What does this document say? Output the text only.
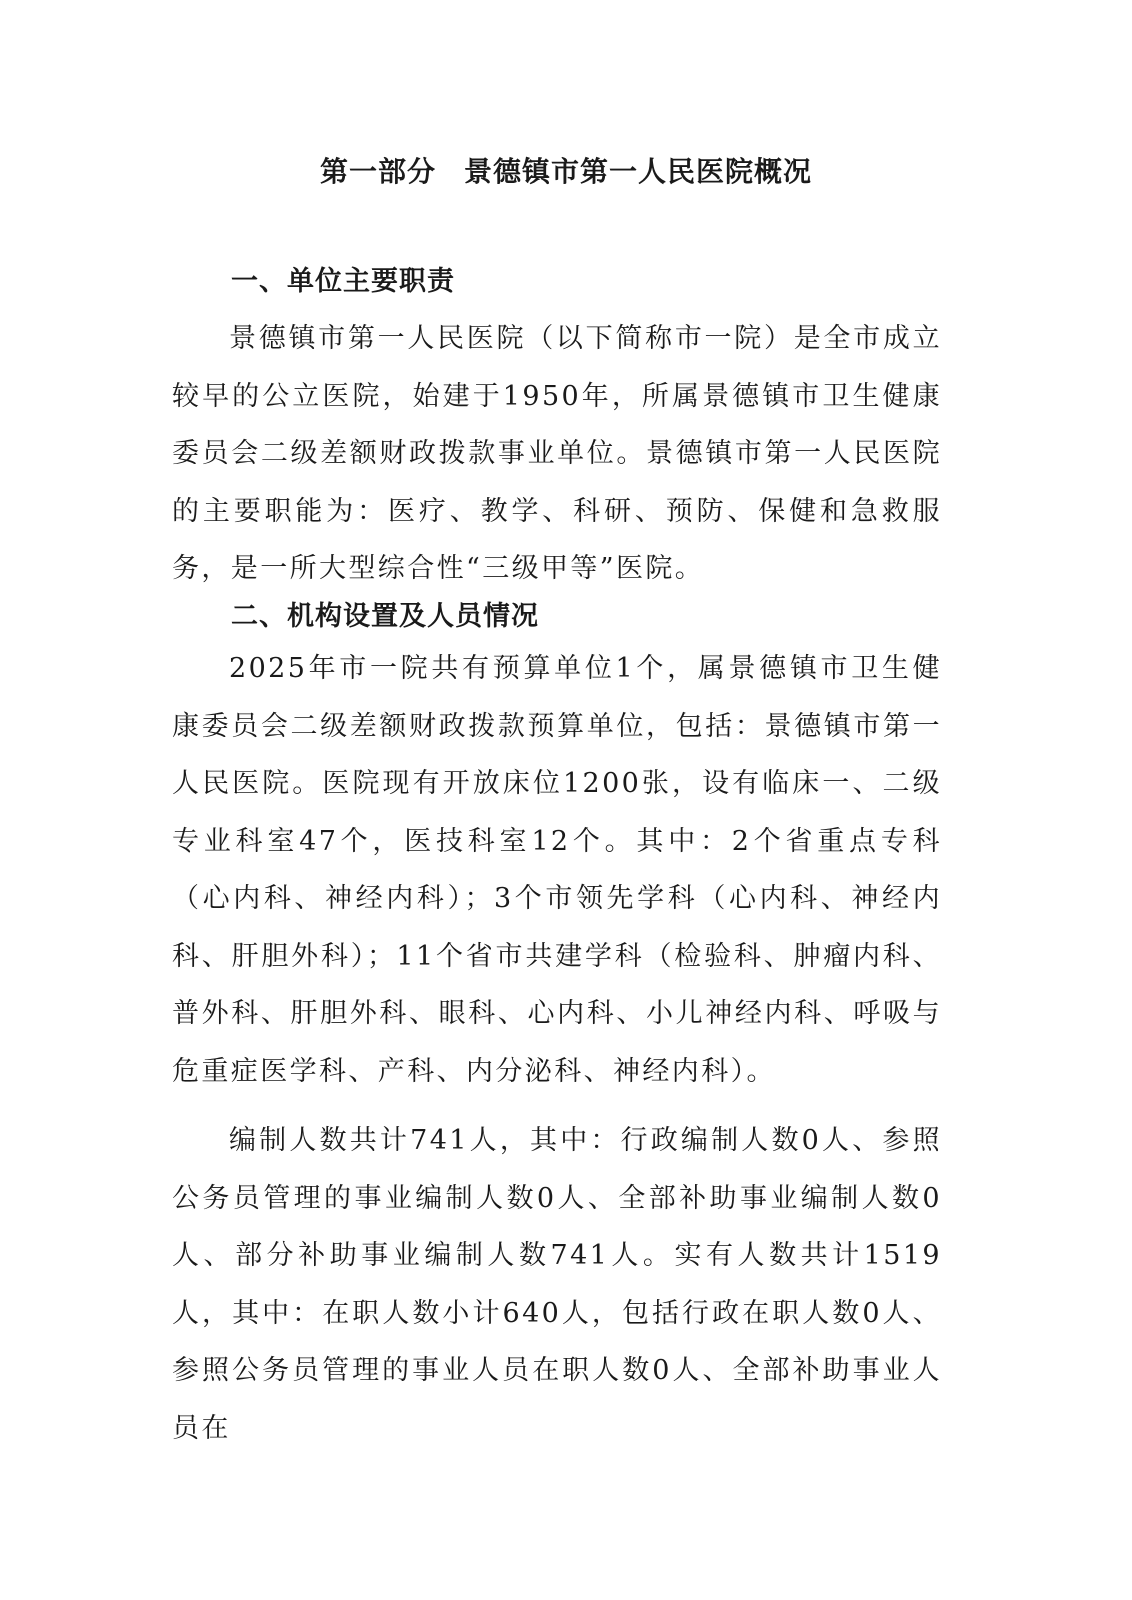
第一部分 景德镇市第一人民医院概况
一、单位主要职责
景德镇市第一人民医院（以下简称市一院）是全市成立较早的公立医院，始建于1950年，所属景德镇市卫生健康委员会二级差额财政拨款事业单位。景德镇市第一人民医院的主要职能为：医疗、教学、科研、预防、保健和急救服务，是一所大型综合性“三级甲等”医院。
二、机构设置及人员情况
2025年市一院共有预算单位1个，属景德镇市卫生健康委员会二级差额财政拨款预算单位，包括：景德镇市第一人民医院。医院现有开放床位1200张，设有临床一、二级专业科室47个，医技科室12个。其中：2个省重点专科（心内科、神经内科）；3个市领先学科（心内科、神经内科、肝胆外科）；11个省市共建学科（检验科、肿瘤内科、普外科、肝胆外科、眼科、心内科、小儿神经内科、呼吸与危重症医学科、产科、内分泌科、神经内科）。
编制人数共计741人，其中：行政编制人数0人、参照公务员管理的事业编制人数0人、全部补助事业编制人数0人、部分补助事业编制人数741人。实有人数共计1519人，其中：在职人数小计640人，包括行政在职人数0人、参照公务员管理的事业人员在职人数0人、全部补助事业人员在
